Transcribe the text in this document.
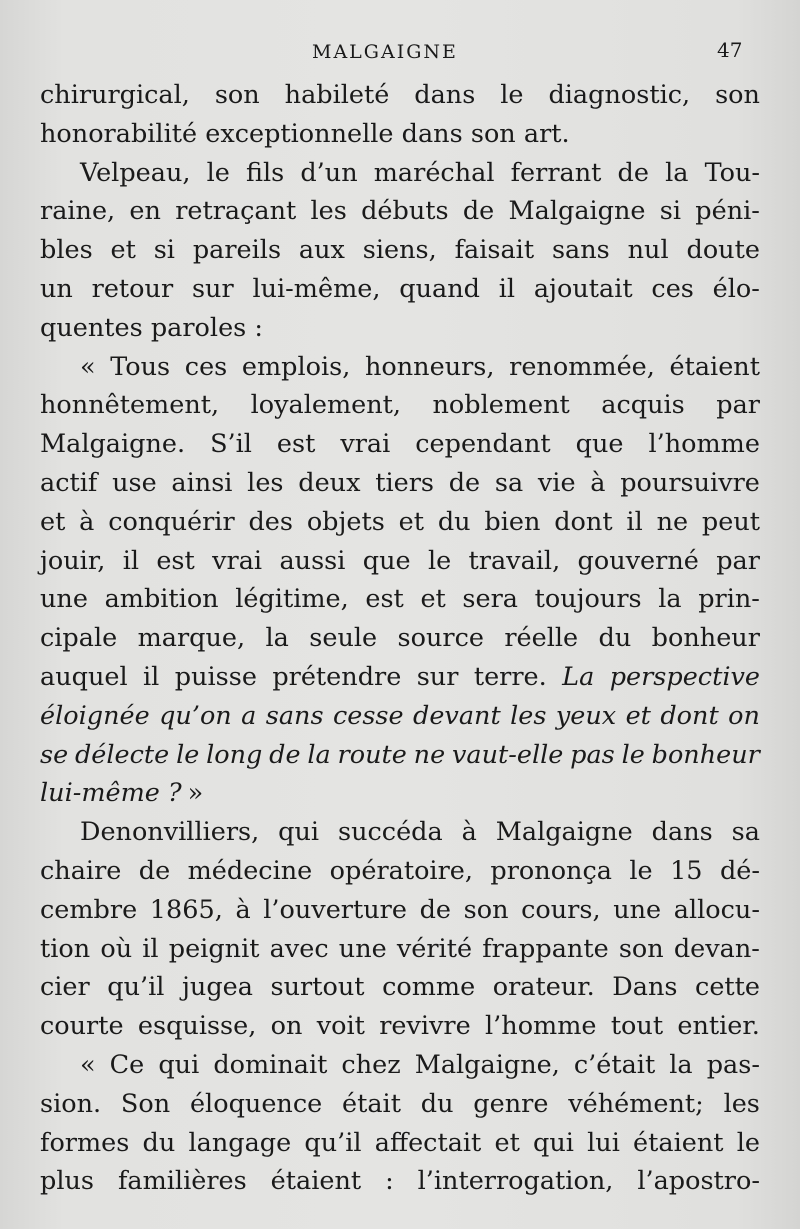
MALGAIGNE	47
chirurgical, son habileté dans le diagnostic, son
honorabilité exceptionnelle dans son art.
Velpeau, le fils d’un maréchal ferrant de la Tou-
raine, en retraçant les débuts de Malgaigne si péni-
bles et si pareils aux siens, faisait sans nul doute
un retour sur lui-même, quand il ajoutait ces élo-
quentes paroles :
« Tous ces emplois, honneurs, renommée, étaient
honnêtement, loyalement, noblement acquis par
Malgaigne. S’il est vrai cependant que l’homme
actif use ainsi les deux tiers de sa vie à poursuivre
et à conquérir des objets et du bien dont il ne peut
jouir, il est vrai aussi que le travail, gouverné par
une ambition légitime, est et sera toujours la prin-
cipale marque, la seule source réelle du bonheur
auquel il puisse prétendre sur terre. La perspective
éloignée qu’on a sans cesse devant les yeux et dont on
se délecte le long de la route ne vaut-elle pas le bonheur
lui-même ? »
Denonvilliers, qui succéda à Malgaigne dans sa
chaire de médecine opératoire, prononça le 15 dé-
cembre 1865, à l’ouverture de son cours, une allocu-
tion où il peignit avec une vérité frappante son devan-
cier qu’il jugea surtout comme orateur. Dans cette
courte esquisse, on voit revivre l’homme tout entier.
« Ce qui dominait chez Malgaigne, c’était la pas-
sion. Son éloquence était du genre véhément; les
formes du langage qu’il affectait et qui lui étaient le
plus familières étaient : l’interrogation, l’apostro-
